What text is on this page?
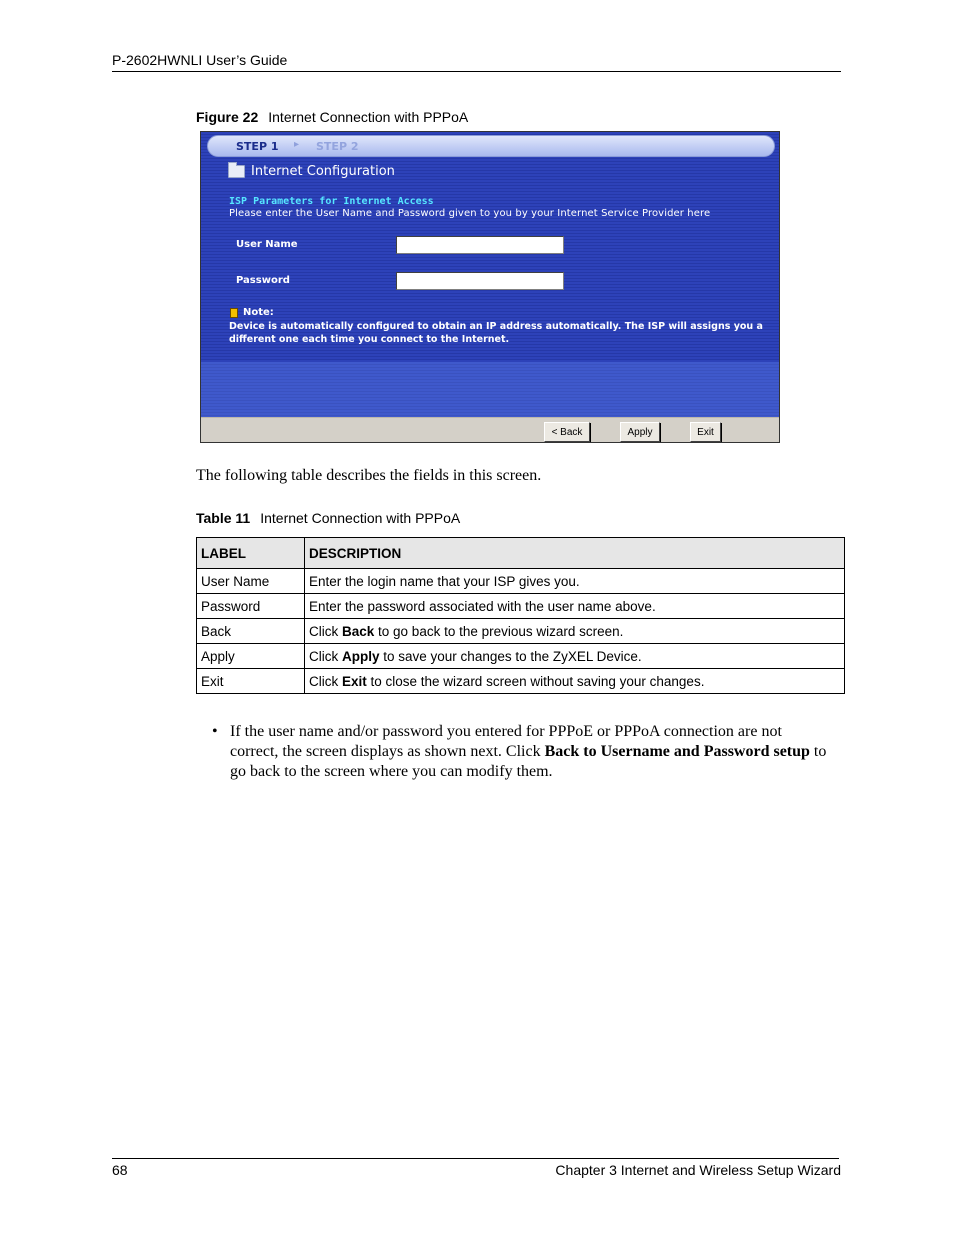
P-2602HWNLI User’s Guide
Figure 22 Internet Connection with PPPoA
STEP 1 ▸ STEP 2
Internet Configuration
ISP Parameters for Internet Access
Please enter the User Name and Password given to you by your Internet Service Provider here
User Name
Password
Note:
Device is automatically configured to obtain an IP address automatically. The ISP will assigns you a different one each time you connect to the Internet.
< Back	Apply	Exit
The following table describes the fields in this screen.
Table 11 Internet Connection with PPPoA
LABEL	DESCRIPTION
User Name	Enter the login name that your ISP gives you.
Password	Enter the password associated with the user name above.
Back	Click Back to go back to the previous wizard screen.
Apply	Click Apply to save your changes to the ZyXEL Device.
Exit	Click Exit to close the wizard screen without saving your changes.
• If the user name and/or password you entered for PPPoE or PPPoA connection are not correct, the screen displays as shown next. Click Back to Username and Password setup to go back to the screen where you can modify them.
68	Chapter 3 Internet and Wireless Setup Wizard
